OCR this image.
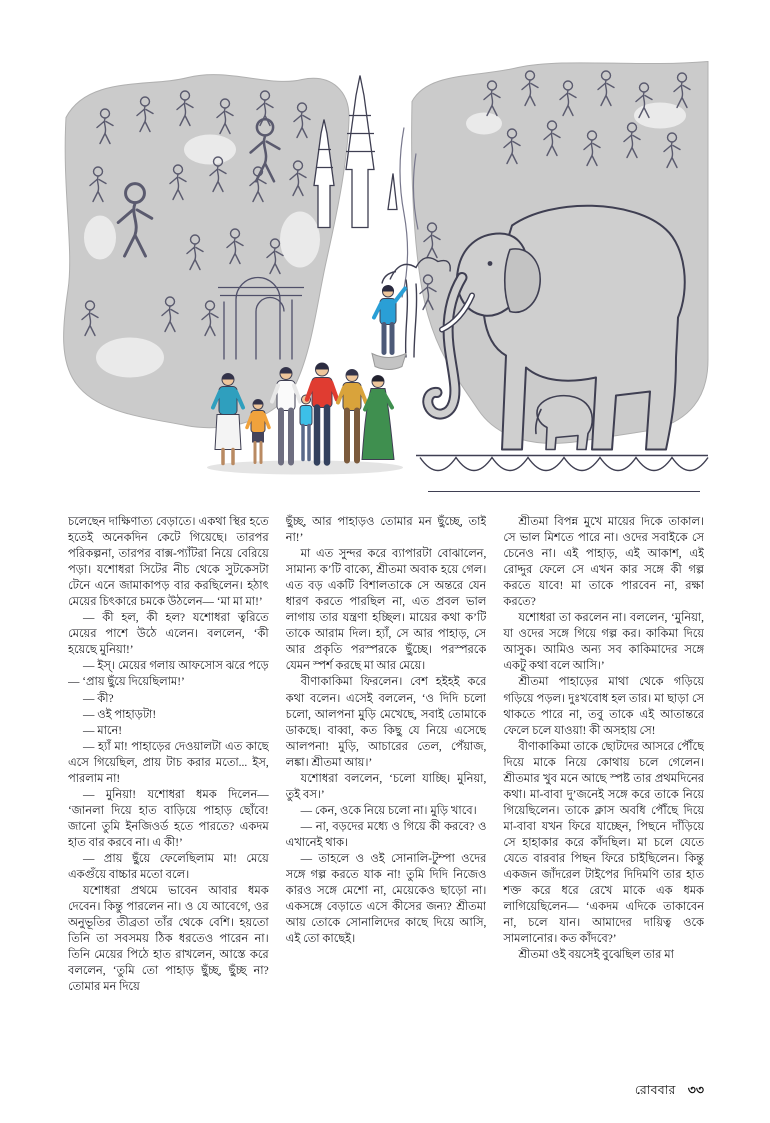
চলেছেন দাক্ষিণাত্য বেড়াতে। একথা স্থির হতে হতেই অনেকদিন কেটে গিয়েছে। তারপর পরিকল্পনা, তারপর বাক্স-প্যাঁটরা নিয়ে বেরিয়ে পড়া। যশোধরা সিটের নীচ থেকে সুটকেসটা টেনে এনে জামাকাপড় বার করছিলেন। হঠাৎ মেয়ের চিৎকারে চমকে উঠলেন— ‘মা মা মা!’

— কী হল, কী হল? যশোধরা ত্বরিতে মেয়ের পাশে উঠে এলেন। বললেন, ‘কী হয়েছে মুনিয়া!’

— ইস্‌। মেয়ের গলায় আফসোস ঝরে পড়ে— ‘প্রায় ছুঁয়ে দিয়েছিলাম!’

— কী?

— ওই পাহাড়টা!

— মানে!

— হ্যাঁ মা! পাহাড়ের দেওয়ালটা এত কাছে এসে গিয়েছিল, প্রায় টাচ করার মতো... ইস, পারলাম না!

— মুনিয়া! যশোধরা ধমক দিলেন— ‘জানলা দিয়ে হাত বাড়িয়ে পাহাড় ছোঁবে! জানো তুমি ইনজিওর্ড হতে পারতে? একদম হাত বার করবে না। এ কী!’

— প্রায় ছুঁয়ে ফেলেছিলাম মা! মেয়ে একগুঁয়ে বাচ্চার মতো বলে।

যশোধরা প্রথমে ভাবেন আবার ধমক দেবেন। কিন্তু পারলেন না। ও যে আবেগে, ওর অনুভূতির তীব্রতা তাঁর থেকে বেশি। হয়তো তিনি তা সবসময় ঠিক ধরতেও পারেন না। তিনি মেয়ের পিঠে হাত রাখলেন, আস্তে করে বললেন, ‘তুমি তো পাহাড় ছুঁচ্ছ, ছুঁচ্ছ না? তোমার মন দিয়ে

ছুঁচ্ছ, আর পাহাড়ও তোমার মন ছুঁচ্ছে, তাই না!’

মা এত সুন্দর করে ব্যাপারটা বোঝালেন, সামান্য ক’টি বাক্যে, শ্রীতমা অবাক হয়ে গেল। এত বড় একটি বিশালতাকে সে অন্তরে যেন ধারণ করতে পারছিল না, এত প্রবল ভাল লাগায় তার যন্ত্রণা হচ্ছিল। মায়ের কথা ক’টি তাকে আরাম দিল। হ্যাঁ, সে আর পাহাড়, সে আর প্রকৃতি পরস্পরকে ছুঁচ্ছে। পরস্পরকে যেমন স্পর্শ করছে মা আর মেয়ে।

বীণাকাকিমা ফিরলেন। বেশ হইহই করে কথা বলেন। এসেই বললেন, ‘ও দিদি চলো চলো, আলপনা মুড়ি মেখেছে, সবাই তোমাকে ডাকছে। বাব্বা, কত কিছু যে নিয়ে এসেছে আলপনা! মুড়ি, আচারের তেল, পেঁয়াজ, লঙ্কা। শ্রীতমা আয়।’

যশোধরা বললেন, ‘চলো যাচ্ছি। মুনিয়া, তুই বস।’

— কেন, ওকে নিয়ে চলো না। মুড়ি খাবে।

— না, বড়দের মধ্যে ও গিয়ে কী করবে? ও এখানেই থাক।

— তাহলে ও ওই সোনালি-টুম্পা ওদের সঙ্গে গল্প করতে যাক না! তুমি দিদি নিজেও কারও সঙ্গে মেশো না, মেয়েকেও ছাড়ো না। একসঙ্গে বেড়াতে এসে কীসের জন্য? শ্রীতমা আয় তোকে সোনালিদের কাছে দিয়ে আসি, এই তো কাছেই।

শ্রীতমা বিপন্ন মুখে মায়ের দিকে তাকাল। সে ভাল মিশতে পারে না। ওদের সবাইকে সে চেনেও না। এই পাহাড়, এই আকাশ, এই রোদ্দুর ফেলে সে এখন কার সঙ্গে কী গল্প করতে যাবে! মা তাকে পারবেন না, রক্ষা করতে?

যশোধরা তা করলেন না। বললেন, ‘মুনিয়া, যা ওদের সঙ্গে গিয়ে গল্প কর। কাকিমা দিয়ে আসুক। আমিও অন্য সব কাকিমাদের সঙ্গে একটু কথা বলে আসি।’

শ্রীতমা পাহাড়ের মাথা থেকে গড়িয়ে গড়িয়ে পড়ল। দুঃখবোধ হল তার। মা ছাড়া সে থাকতে পারে না, তবু তাকে এই আতান্তরে ফেলে চলে যাওয়া! কী অসহায় সে!

বীণাকাকিমা তাকে ছোটদের আসরে পৌঁছে দিয়ে মাকে নিয়ে কোথায় চলে গেলেন। শ্রীতমার খুব মনে আছে স্পষ্ট তার প্রথমদিনের কথা। মা-বাবা দু’জনেই সঙ্গে করে তাকে নিয়ে গিয়েছিলেন। তাকে ক্লাস অবধি পৌঁছে দিয়ে মা-বাবা যখন ফিরে যাচ্ছেন, পিছনে দাঁড়িয়ে সে হাহাকার করে কাঁদছিল। মা চলে যেতে যেতে বারবার পিছন ফিরে চাইছিলেন। কিন্তু একজন জাঁদরেল টাইপের দিদিমণি তার হাত শক্ত করে ধরে রেখে মাকে এক ধমক লাগিয়েছিলেন— ‘একদম এদিকে তাকাবেন না, চলে যান। আমাদের দায়িত্ব ওকে সামলানোর। কত কাঁদবে?’

শ্রীতমা ওই বয়সেই বুঝেছিল তার মা

রোববার ৩৩
